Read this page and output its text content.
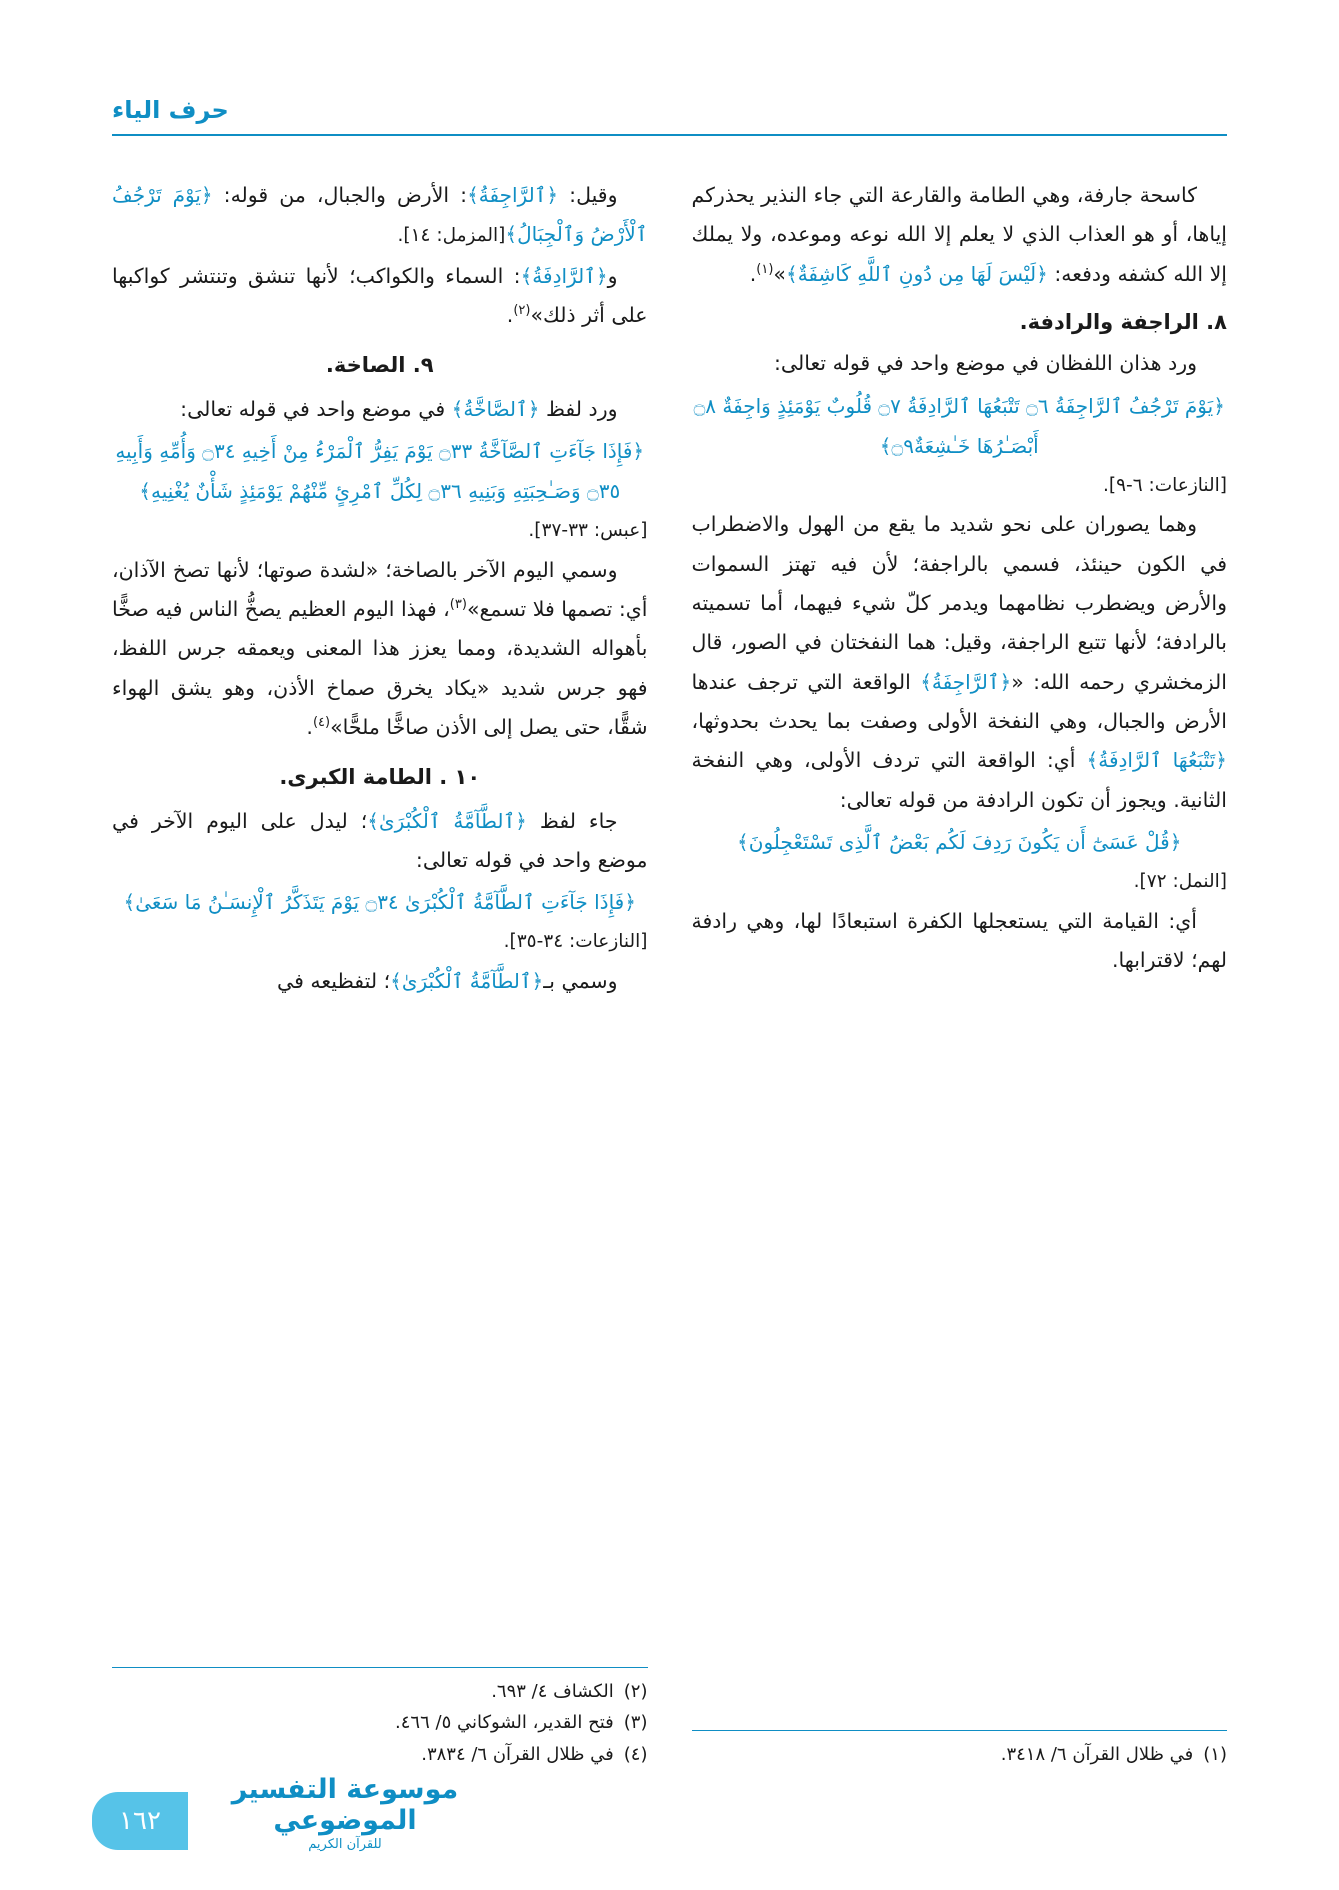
حرف الياء

كاسحة جارفة، وهي الطامة والقارعة التي جاء النذير يحذركم إياها، أو هو العذاب الذي لا يعلم إلا الله نوعه وموعده، ولا يملك إلا الله كشفه ودفعه: ﴿لَيْسَ لَهَا مِن دُونِ ٱللَّهِ كَاشِفَةٌ﴾»$^{(١)}$.

٨. الراجفة والرادفة.

ورد هذان اللفظان في موضع واحد في قوله تعالى:

﴿يَوْمَ تَرْجُفُ ٱلرَّاجِفَةُ ۝٦ تَتْبَعُهَا ٱلرَّادِفَةُ ۝٧ قُلُوبٌ يَوْمَئِذٍ وَاجِفَةٌ ۝٨ أَبْصَـٰرُهَا خَـٰشِعَةٌ۝٩﴾

[النازعات: ٦-٩].

وهما يصوران على نحو شديد ما يقع من الهول والاضطراب في الكون حينئذ، فسمي بالراجفة؛ لأن فيه تهتز السموات والأرض ويضطرب نظامهما ويدمر كلّ شيء فيهما، أما تسميته بالرادفة؛ لأنها تتبع الراجفة، وقيل: هما النفختان في الصور، قال الزمخشري رحمه الله: «﴿ٱلرَّاجِفَةُ﴾ الواقعة التي ترجف عندها الأرض والجبال، وهي النفخة الأولى وصفت بما يحدث بحدوثها، ﴿تَتْبَعُهَا ٱلرَّادِفَةُ﴾ أي: الواقعة التي تردف الأولى، وهي النفخة الثانية. ويجوز أن تكون الرادفة من قوله تعالى:

﴿قُلْ عَسَىٰٓ أَن يَكُونَ رَدِفَ لَكُم بَعْضُ ٱلَّذِى تَسْتَعْجِلُونَ﴾

[النمل: ٧٢].

أي: القيامة التي يستعجلها الكفرة استبعادًا لها، وهي رادفة لهم؛ لاقترابها.

(١)
في ظلال القرآن ٦/ ٣٤١٨.

وقيل: ﴿ٱلرَّاجِفَةُ﴾: الأرض والجبال، من قوله: ﴿يَوْمَ تَرْجُفُ ٱلْأَرْضُ وَٱلْجِبَالُ﴾[المزمل: ١٤].

و﴿ٱلرَّادِفَةُ﴾: السماء والكواكب؛ لأنها تنشق وتنتشر كواكبها على أثر ذلك»$^{(٢)}$.

٩. الصاخة.

ورد لفظ ﴿ٱلصَّاخَّةُ﴾ في موضع واحد في قوله تعالى:

﴿فَإِذَا جَآءَتِ ٱلصَّآخَّةُ ۝٣٣ يَوْمَ يَفِرُّ ٱلْمَرْءُ مِنْ أَخِيهِ ۝٣٤ وَأُمِّهِ وَأَبِيهِ ۝٣٥ وَصَـٰحِبَتِهِ وَبَنِيهِ ۝٣٦ لِكُلِّ ٱمْرِئٍ مِّنْهُمْ يَوْمَئِذٍ شَأْنٌ يُغْنِيهِ﴾

[عبس: ٣٣-٣٧].

وسمي اليوم الآخر بالصاخة؛ «لشدة صوتها؛ لأنها تصخ الآذان، أي: تصمها فلا تسمع»$^{(٣)}$، فهذا اليوم العظيم يصخُّ الناس فيه صخًّا بأهواله الشديدة، ومما يعزز هذا المعنى ويعمقه جرس اللفظ، فهو جرس شديد «يكاد يخرق صماخ الأذن، وهو يشق الهواء شقًّا، حتى يصل إلى الأذن صاخًّا ملحًّا»$^{(٤)}$.

١٠ . الطامة الكبرى.

جاء لفظ ﴿ٱلطَّآمَّةُ ٱلْكُبْرَىٰ﴾؛ ليدل على اليوم الآخر في موضع واحد في قوله تعالى:

﴿فَإِذَا جَآءَتِ ٱلطَّآمَّةُ ٱلْكُبْرَىٰ ۝٣٤ يَوْمَ يَتَذَكَّرُ ٱلْإِنسَـٰنُ مَا سَعَىٰ﴾

[النازعات: ٣٤-٣٥].

وسمي بـ﴿ٱلطَّآمَّةُ ٱلْكُبْرَىٰ﴾؛ لتفظيعه في

(٢)
الكشاف ٤/ ٦٩٣.

(٣)
فتح القدير، الشوكاني ٥/ ٤٦٦.

(٤)
في ظلال القرآن ٦/ ٣٨٣٤.

موسوعة التفسير الموضوعي
للقرآن الكريم
١٦٢
